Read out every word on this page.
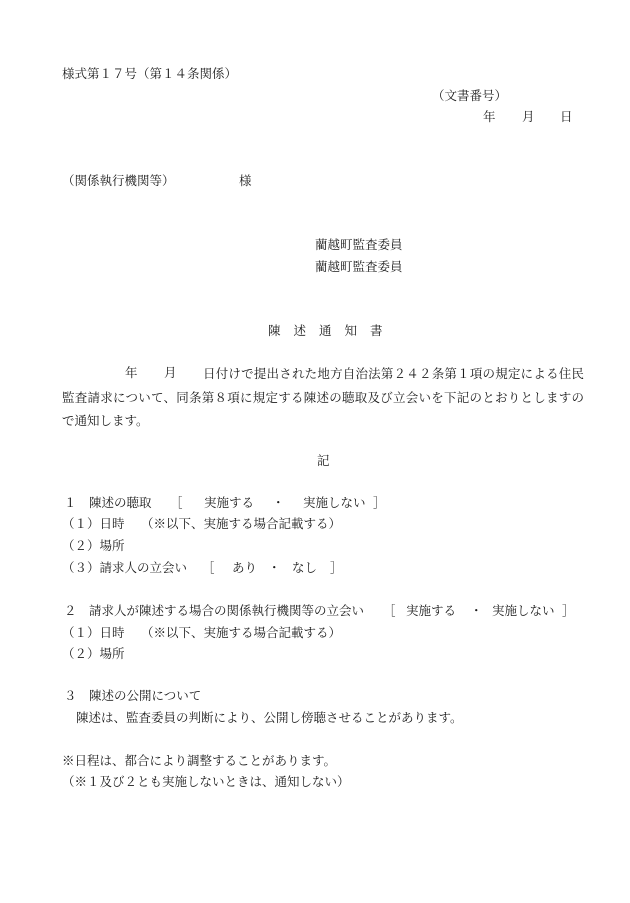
様式第１７号（第１４条関係）

（文書番号）

年 月 日
（関係執行機関等）	様

藺越町監査委員

藺越町監査委員

陳述通知書

年 月	日付けで提出された地方自治法第２４２条第１項の規定による住民監査請求について、同条第８項に規定する陳述の聴取及び立会いを下記のとおりとしますので通知します。

記

１　陳述の聴取 ［ 実施する ・ 実施しない ］
（１）日時 （※以下、実施する場合記載する）
（２）場所
（３）請求人の立会い ［ あり ・ なし ］
２　請求人が陳述する場合の関係執行機関等の立会い ［ 実施する ・ 実施しない ］
（１）日時 （※以下、実施する場合記載する）
（２）場所

３　陳述の公開について

陳述は、監査委員の判断により、公開し傍聴させることがあります。

※日程は、都合により調整することがあります。

（※１及び２とも実施しないときは、通知しない）
